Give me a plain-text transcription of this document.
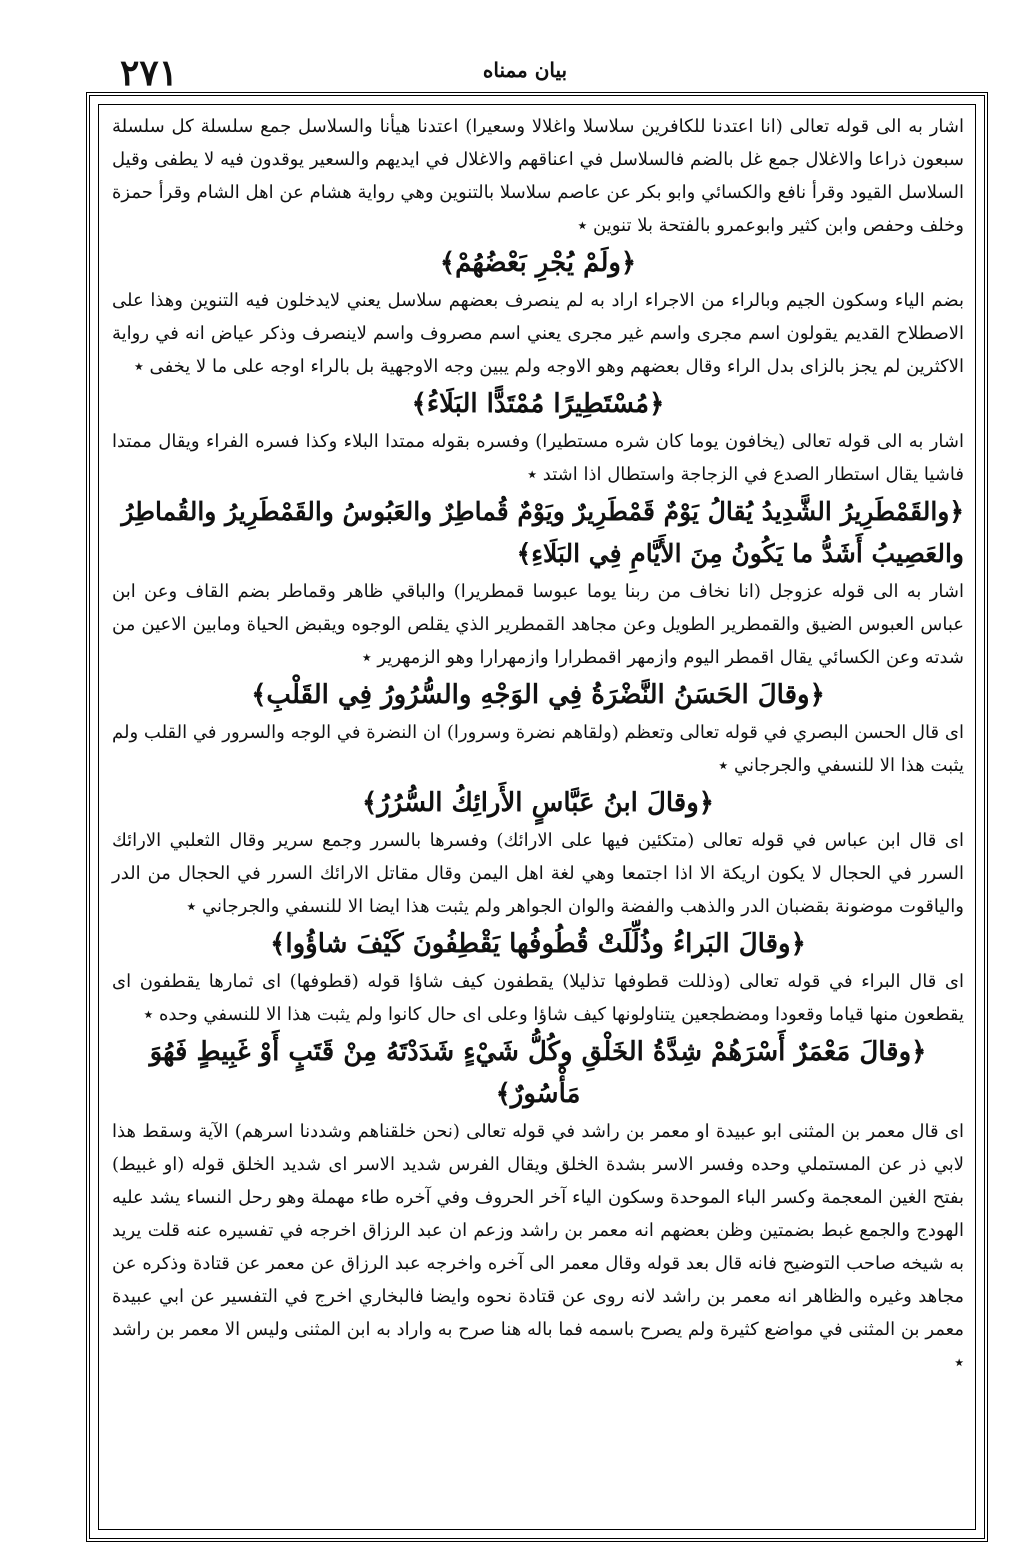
٢٧١	بيان ممناه

اشار به الى قوله تعالى (انا اعتدنا للكافرين سلاسلا واغلالا وسعيرا) اعتدنا هيأنا والسلاسل جمع سلسلة كل سلسلة سبعون ذراعا والاغلال جمع غل بالضم فالسلاسل في اعناقهم والاغلال في ايديهم والسعير يوقدون فيه لا يطفى وقيل السلاسل القيود وقرأ نافع والكسائي وابو بكر عن عاصم سلاسلا بالتنوين وهي رواية هشام عن اهل الشام وقرأ حمزة وخلف وحفص وابن كثير وابوعمرو بالفتحة بلا تنوين ٭

﴿ولَمْ يُجْرِ بَعْضُهُمْ﴾

بضم الياء وسكون الجيم وبالراء من الاجراء اراد به لم ينصرف بعضهم سلاسل يعني لايدخلون فيه التنوين وهذا على الاصطلاح القديم يقولون اسم مجرى واسم غير مجرى يعني اسم مصروف واسم لاينصرف وذكر عياض انه في رواية الاكثرين لم يجز بالزاى بدل الراء وقال بعضهم وهو الاوجه ولم يبين وجه الاوجهية بل بالراء اوجه على ما لا يخفى ٭

﴿مُسْتَطِيرًا مُمْتَدًّا البَلَاءُ﴾

اشار به الى قوله تعالى (يخافون يوما كان شره مستطيرا) وفسره بقوله ممتدا البلاء وكذا فسره الفراء ويقال ممتدا فاشيا يقال استطار الصدع في الزجاجة واستطال اذا اشتد ٭

﴿والقَمْطَرِيرُ الشَّدِيدُ يُقالُ يَوْمٌ قَمْطَرِيرٌ ويَوْمٌ قُماطِرٌ والعَبُوسُ والقَمْطَرِيرُ والقُماطِرُ والعَصِيبُ أَشَدُّ ما يَكُونُ مِنَ الأَيَّامِ فِي البَلَاءِ﴾

اشار به الى قوله عزوجل (انا نخاف من ربنا يوما عبوسا قمطريرا) والباقي ظاهر وقماطر بضم القاف وعن ابن عباس العبوس الضيق والقمطرير الطويل وعن مجاهد القمطرير الذي يقلص الوجوه ويقبض الحياة ومابين الاعين من شدته وعن الكسائي يقال اقمطر اليوم وازمهر اقمطرارا وازمهرارا وهو الزمهرير ٭

﴿وقالَ الحَسَنُ النَّضْرَةُ فِي الوَجْهِ والسُّرُورُ فِي القَلْبِ﴾

اى قال الحسن البصري في قوله تعالى وتعظم (ولقاهم نضرة وسرورا) ان النضرة في الوجه والسرور في القلب ولم يثبت هذا الا للنسفي والجرجاني ٭

﴿وقالَ ابنُ عَبَّاسٍ الأَرائِكُ السُّرُرُ﴾

اى قال ابن عباس في قوله تعالى (متكئين فيها على الارائك) وفسرها بالسرر وجمع سرير وقال الثعلبي الارائك السرر في الحجال لا يكون اريكة الا اذا اجتمعا وهي لغة اهل اليمن وقال مقاتل الارائك السرر في الحجال من الدر والياقوت موضونة بقضبان الدر والذهب والفضة والوان الجواهر ولم يثبت هذا ايضا الا للنسفي والجرجاني ٭

﴿وقالَ البَراءُ وذُلِّلَتْ قُطُوفُها يَقْطِفُونَ كَيْفَ شاؤُوا﴾

اى قال البراء في قوله تعالى (وذللت قطوفها تذليلا) يقطفون كيف شاؤا قوله (قطوفها) اى ثمارها يقطفون اى يقطعون منها قياما وقعودا ومضطجعين يتناولونها كيف شاؤا وعلى اى حال كانوا ولم يثبت هذا الا للنسفي وحده ٭

﴿وقالَ مَعْمَرٌ أَسْرَهُمْ شِدَّةُ الخَلْقِ وكُلُّ شَيْءٍ شَدَدْتَهُ مِنْ قَتَبٍ أَوْ غَبِيطٍ فَهُوَ مَأْسُورٌ﴾

اى قال معمر بن المثنى ابو عبيدة او معمر بن راشد في قوله تعالى (نحن خلقناهم وشددنا اسرهم) الآية وسقط هذا لابي ذر عن المستملي وحده وفسر الاسر بشدة الخلق ويقال الفرس شديد الاسر اى شديد الخلق قوله (او غبيط) بفتح الغين المعجمة وكسر الباء الموحدة وسكون الياء آخر الحروف وفي آخره طاء مهملة وهو رحل النساء يشد عليه الهودج والجمع غبط بضمتين وظن بعضهم انه معمر بن راشد وزعم ان عبد الرزاق اخرجه في تفسيره عنه قلت يريد به شيخه صاحب التوضيح فانه قال بعد قوله وقال معمر الى آخره واخرجه عبد الرزاق عن معمر عن قتادة وذكره عن مجاهد وغيره والظاهر انه معمر بن راشد لانه روى عن قتادة نحوه وايضا فالبخاري اخرج في التفسير عن ابي عبيدة معمر بن المثنى في مواضع كثيرة ولم يصرح باسمه فما باله هنا صرح به واراد به ابن المثنى وليس الا معمر بن راشد ٭
